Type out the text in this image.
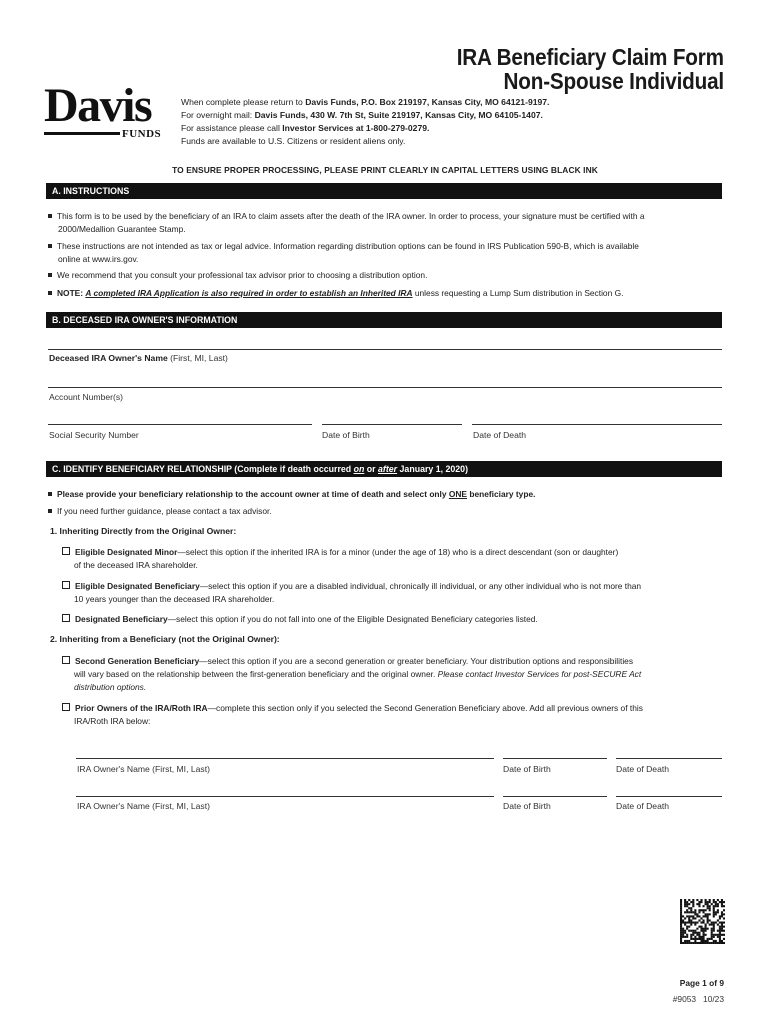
IRA Beneficiary Claim Form
Non-Spouse Individual
Davis
FUNDS
When complete please return to Davis Funds, P.O. Box 219197, Kansas City, MO 64121-9197.
For overnight mail: Davis Funds, 430 W. 7th St, Suite 219197, Kansas City, MO 64105-1407.
For assistance please call Investor Services at 1-800-279-0279.
Funds are available to U.S. Citizens or resident aliens only.
TO ENSURE PROPER PROCESSING, PLEASE PRINT CLEARLY IN CAPITAL LETTERS USING BLACK INK
A. INSTRUCTIONS
This form is to be used by the beneficiary of an IRA to claim assets after the death of the IRA owner. In order to process, your signature must be certified with a
2000/Medallion Guarantee Stamp.
These instructions are not intended as tax or legal advice. Information regarding distribution options can be found in IRS Publication 590-B, which is available
online at www.irs.gov.
We recommend that you consult your professional tax advisor prior to choosing a distribution option.
NOTE: A completed IRA Application is also required in order to establish an Inherited IRA unless requesting a Lump Sum distribution in Section G.
B. DECEASED IRA OWNER'S INFORMATION
Deceased IRA Owner's Name (First, MI, Last)
Account Number(s)
Social Security Number	Date of Birth	Date of Death
C. IDENTIFY BENEFICIARY RELATIONSHIP (Complete if death occurred on or after January 1, 2020)
Please provide your beneficiary relationship to the account owner at time of death and select only ONE beneficiary type.
If you need further guidance, please contact a tax advisor.
1. Inheriting Directly from the Original Owner:
Eligible Designated Minor—select this option if the inherited IRA is for a minor (under the age of 18) who is a direct descendant (son or daughter)
of the deceased IRA shareholder.
Eligible Designated Beneficiary—select this option if you are a disabled individual, chronically ill individual, or any other individual who is not more than
10 years younger than the deceased IRA shareholder.
Designated Beneficiary—select this option if you do not fall into one of the Eligible Designated Beneficiary categories listed.
2. Inheriting from a Beneficiary (not the Original Owner):
Second Generation Beneficiary—select this option if you are a second generation or greater beneficiary. Your distribution options and responsibilities
will vary based on the relationship between the first-generation beneficiary and the original owner. Please contact Investor Services for post-SECURE Act
distribution options.
Prior Owners of the IRA/Roth IRA—complete this section only if you selected the Second Generation Beneficiary above. Add all previous owners of this
IRA/Roth IRA below:
IRA Owner's Name (First, MI, Last)	Date of Birth	Date of Death
IRA Owner's Name (First, MI, Last)	Date of Birth	Date of Death
Page 1 of 9
#9053 10/23
